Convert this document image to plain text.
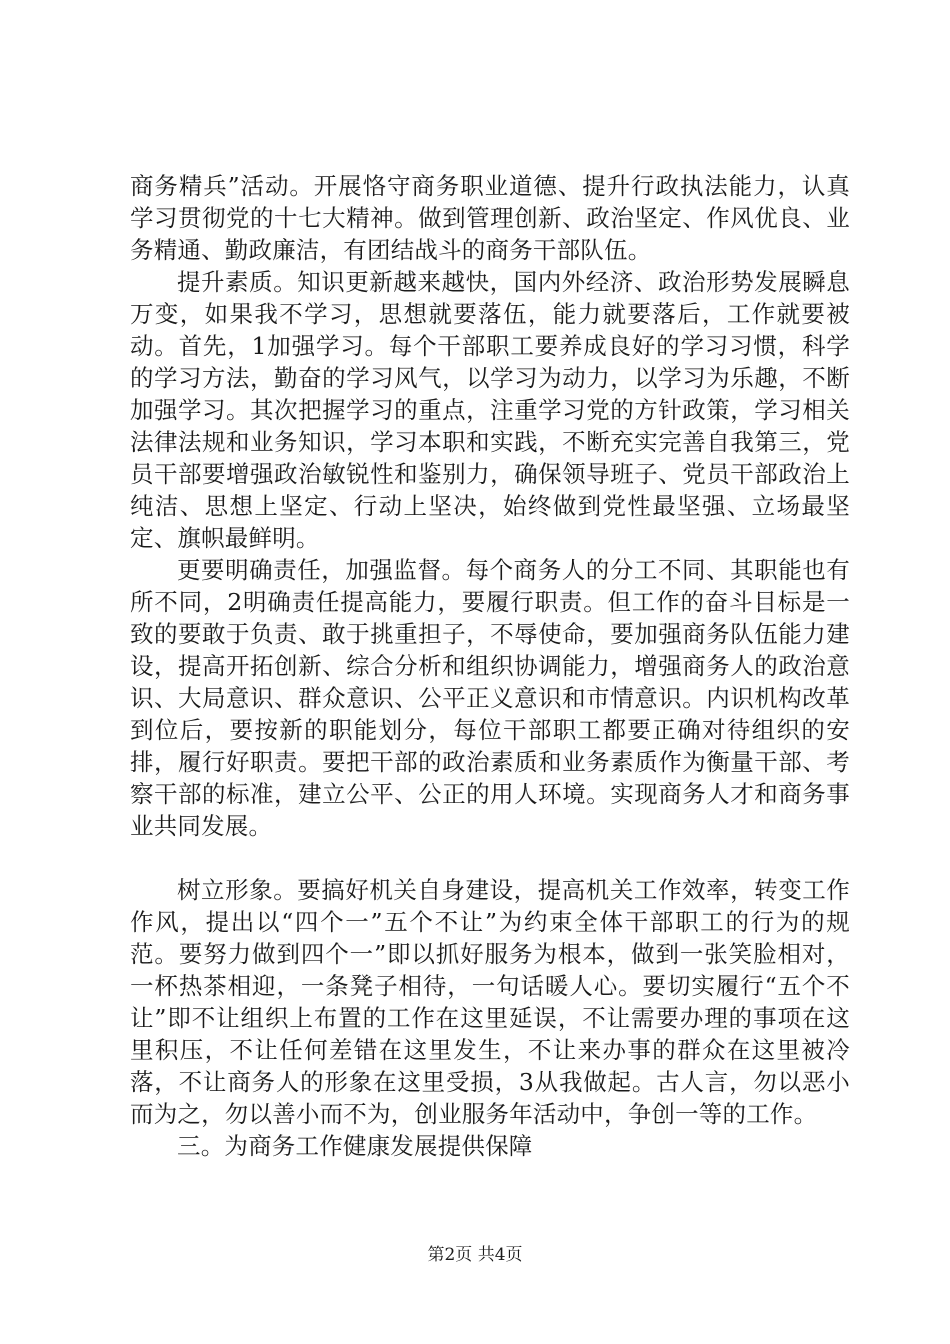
商务精兵”活动。开展恪守商务职业道德、提升行政执法能力，认真学习贯彻党的十七大精神。做到管理创新、政治坚定、作风优良、业务精通、勤政廉洁，有团结战斗的商务干部队伍。

提升素质。知识更新越来越快，国内外经济、政治形势发展瞬息万变，如果我不学习，思想就要落伍，能力就要落后，工作就要被动。首先，1加强学习。每个干部职工要养成良好的学习习惯，科学的学习方法，勤奋的学习风气，以学习为动力，以学习为乐趣，不断加强学习。其次把握学习的重点，注重学习党的方针政策，学习相关法律法规和业务知识，学习本职和实践，不断充实完善自我第三，党员干部要增强政治敏锐性和鉴别力，确保领导班子、党员干部政治上纯洁、思想上坚定、行动上坚决，始终做到党性最坚强、立场最坚定、旗帜最鲜明。

更要明确责任，加强监督。每个商务人的分工不同、其职能也有所不同，2明确责任提高能力，要履行职责。但工作的奋斗目标是一致的要敢于负责、敢于挑重担子，不辱使命，要加强商务队伍能力建设，提高开拓创新、综合分析和组织协调能力，增强商务人的政治意识、大局意识、群众意识、公平正义意识和市情意识。内识机构改革到位后，要按新的职能划分，每位干部职工都要正确对待组织的安排，履行好职责。要把干部的政治素质和业务素质作为衡量干部、考察干部的标准，建立公平、公正的用人环境。实现商务人才和商务事业共同发展。

树立形象。要搞好机关自身建设，提高机关工作效率，转变工作作风，提出以“四个一”五个不让”为约束全体干部职工的行为的规范。要努力做到四个一”即以抓好服务为根本，做到一张笑脸相对，一杯热茶相迎，一条凳子相待，一句话暖人心。要切实履行“五个不让”即不让组织上布置的工作在这里延误，不让需要办理的事项在这里积压，不让任何差错在这里发生，不让来办事的群众在这里被冷落，不让商务人的形象在这里受损，3从我做起。古人言，勿以恶小而为之，勿以善小而不为，创业服务年活动中，争创一等的工作。

三。为商务工作健康发展提供保障

第2页 共4页
